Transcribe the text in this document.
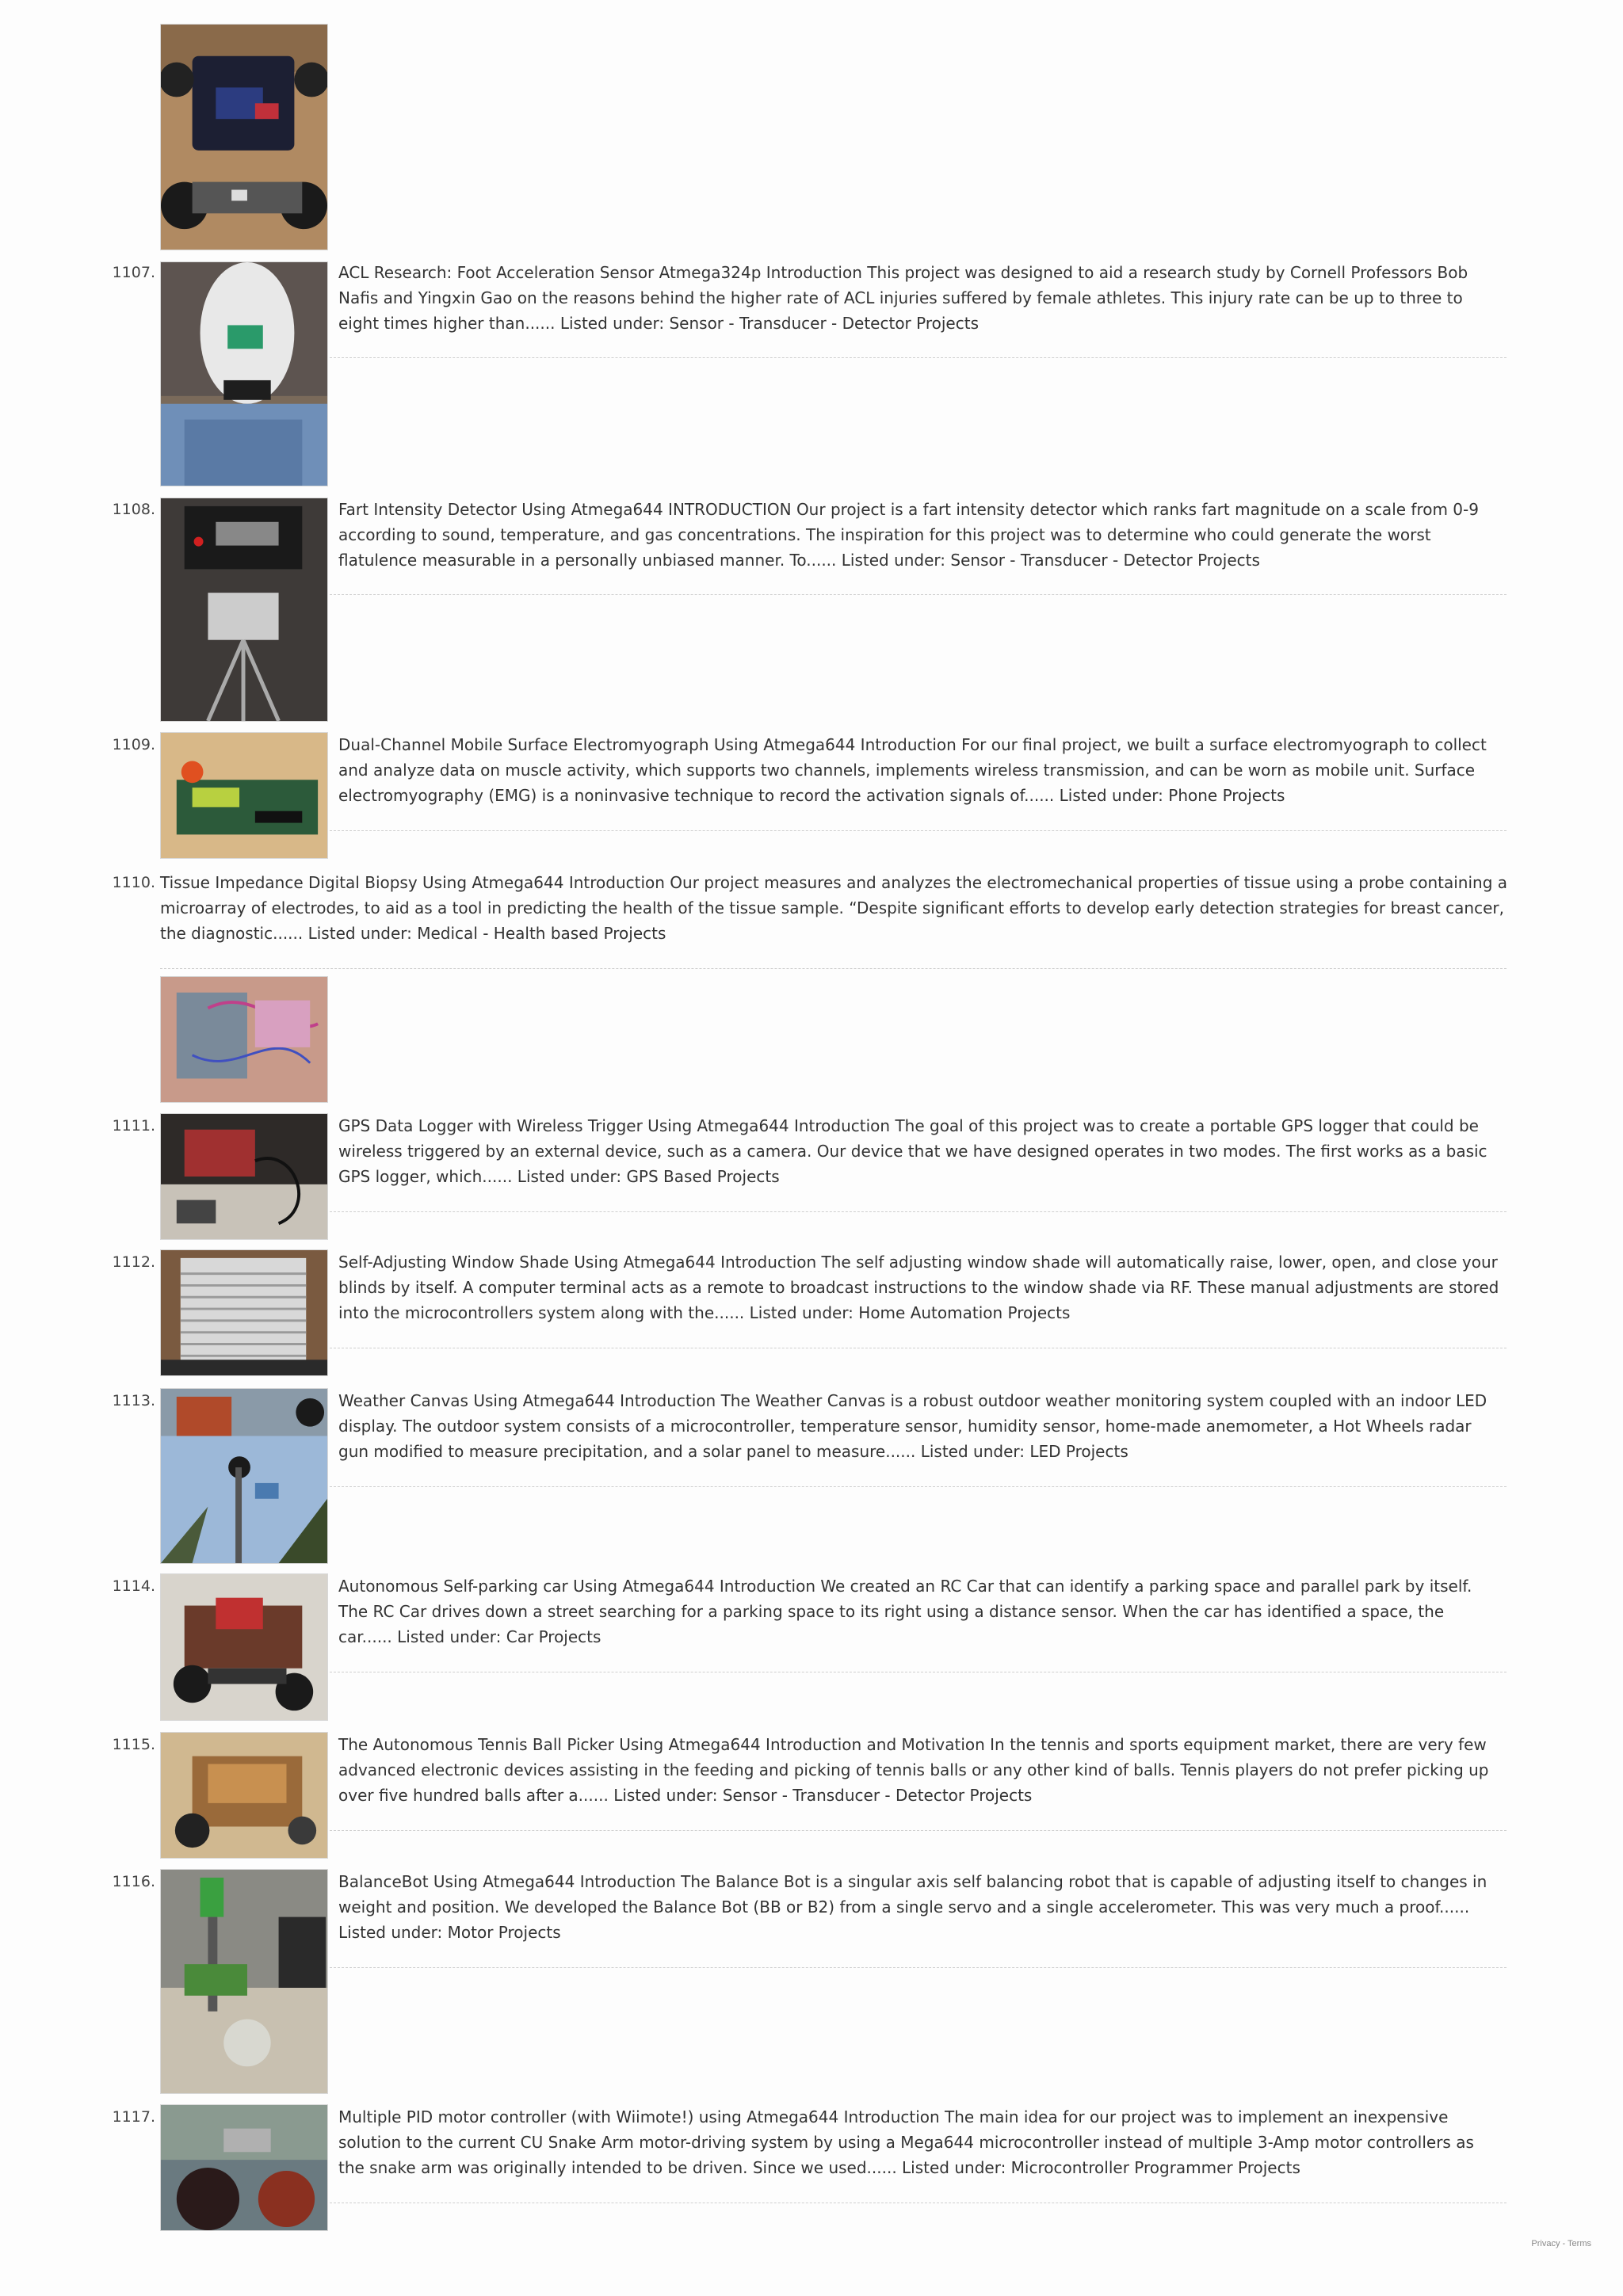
1107.	ACL Research: Foot Acceleration Sensor Atmega324p Introduction This project was designed to aid a research study by Cornell Professors Bob Nafis and Yingxin Gao on the reasons behind the higher rate of ACL injuries suffered by female athletes. This injury rate can be up to three to eight times higher than...... Listed under: Sensor - Transducer - Detector Projects
1108.	Fart Intensity Detector Using Atmega644 INTRODUCTION Our project is a fart intensity detector which ranks fart magnitude on a scale from 0-9 according to sound, temperature, and gas concentrations. The inspiration for this project was to determine who could generate the worst flatulence measurable in a personally unbiased manner. To...... Listed under: Sensor - Transducer - Detector Projects
1109.	Dual-Channel Mobile Surface Electromyograph Using Atmega644 Introduction For our final project, we built a surface electromyograph to collect and analyze data on muscle activity, which supports two channels, implements wireless transmission, and can be worn as mobile unit. Surface electromyography (EMG) is a noninvasive technique to record the activation signals of...... Listed under: Phone Projects
1110. Tissue Impedance Digital Biopsy Using Atmega644 Introduction Our project measures and analyzes the electromechanical properties of tissue using a probe containing a microarray of electrodes, to aid as a tool in predicting the health of the tissue sample. “Despite significant efforts to develop early detection strategies for breast cancer, the diagnostic...... Listed under: Medical - Health based Projects
1111.	GPS Data Logger with Wireless Trigger Using Atmega644 Introduction The goal of this project was to create a portable GPS logger that could be wireless triggered by an external device, such as a camera. Our device that we have designed operates in two modes. The first works as a basic GPS logger, which...... Listed under: GPS Based Projects
1112.	Self-Adjusting Window Shade Using Atmega644 Introduction The self adjusting window shade will automatically raise, lower, open, and close your blinds by itself. A computer terminal acts as a remote to broadcast instructions to the window shade via RF. These manual adjustments are stored into the microcontrollers system along with the...... Listed under: Home Automation Projects
1113.	Weather Canvas Using Atmega644 Introduction The Weather Canvas is a robust outdoor weather monitoring system coupled with an indoor LED display. The outdoor system consists of a microcontroller, temperature sensor, humidity sensor, home-made anemometer, a Hot Wheels radar gun modified to measure precipitation, and a solar panel to measure...... Listed under: LED Projects
1114.	Autonomous Self-parking car Using Atmega644 Introduction We created an RC Car that can identify a parking space and parallel park by itself. The RC Car drives down a street searching for a parking space to its right using a distance sensor. When the car has identified a space, the car...... Listed under: Car Projects
1115.	The Autonomous Tennis Ball Picker Using Atmega644 Introduction and Motivation In the tennis and sports equipment market, there are very few advanced electronic devices assisting in the feeding and picking of tennis balls or any other kind of balls. Tennis players do not prefer picking up over five hundred balls after a...... Listed under: Sensor - Transducer - Detector Projects
1116.	BalanceBot Using Atmega644 Introduction The Balance Bot is a singular axis self balancing robot that is capable of adjusting itself to changes in weight and position. We developed the Balance Bot (BB or B2) from a single servo and a single accelerometer. This was very much a proof...... Listed under: Motor Projects
1117.	Multiple PID motor controller (with Wiimote!) using Atmega644 Introduction The main idea for our project was to implement an inexpensive solution to the current CU Snake Arm motor-driving system by using a Mega644 microcontroller instead of multiple 3-Amp motor controllers as the snake arm was originally intended to be driven. Since we used...... Listed under: Microcontroller Programmer Projects
Privacy - Terms
